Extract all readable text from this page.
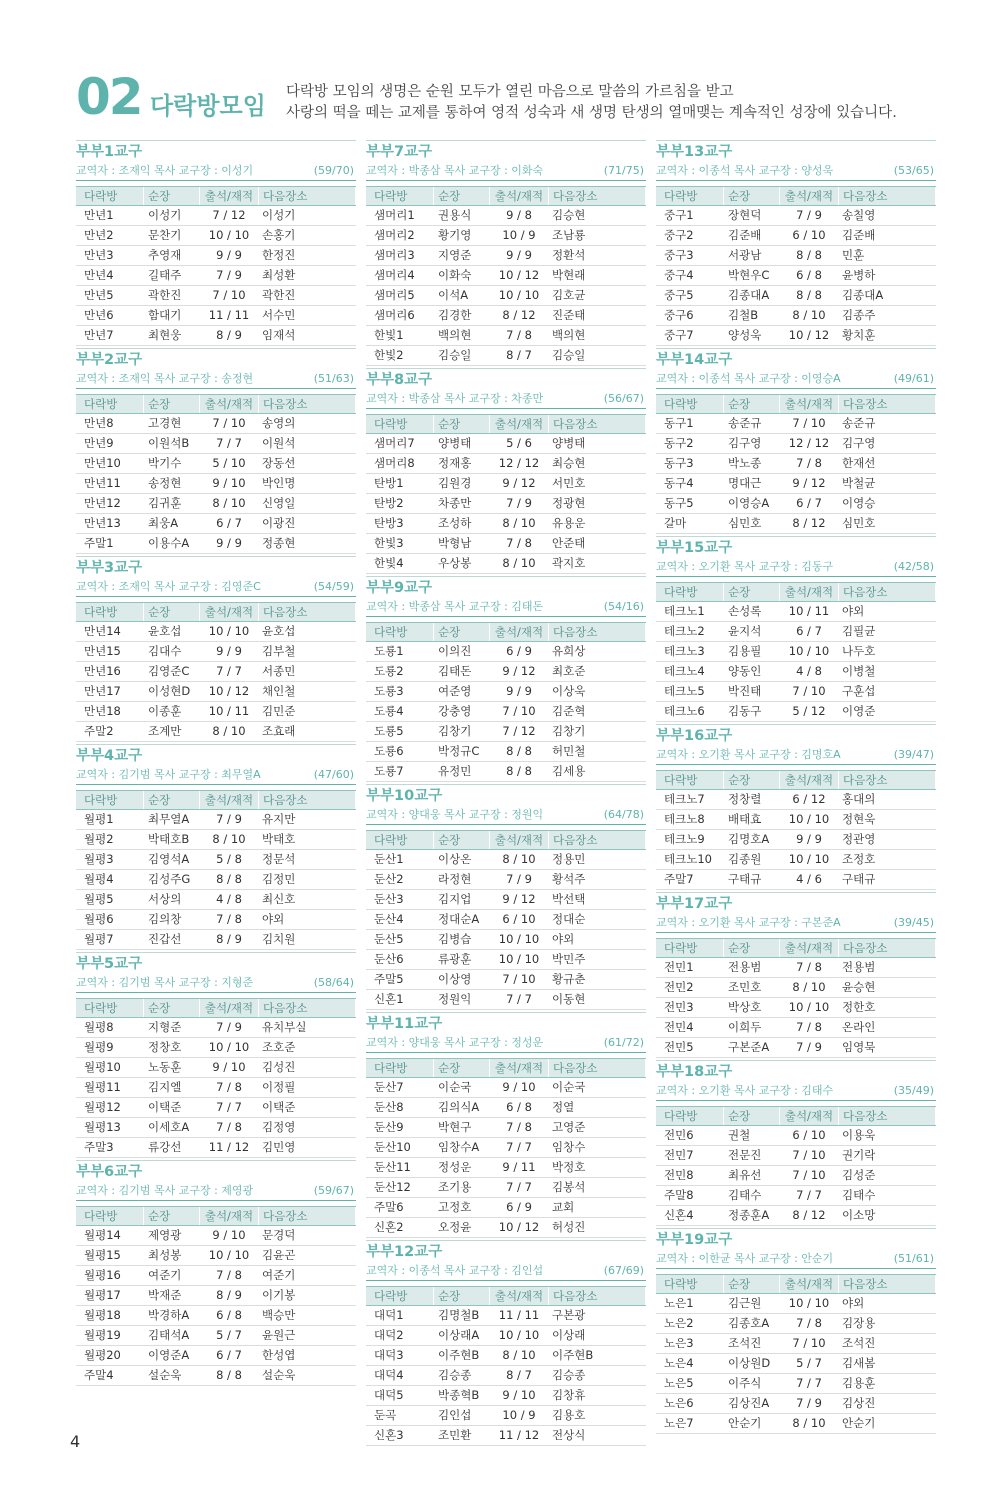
02 다락방모임 다락방 모임의 생명은 순원 모두가 열린 마음으로 말씀의 가르침을 받고
사랑의 떡을 떼는 교제를 통하여 영적 성숙과 새 생명 탄생의 열매맺는 계속적인 성장에 있습니다.
부부1교구
교역자 : 조재익 목사 교구장 : 이성기	(59/70)
다락방	순장	출석/재적 다음장소
만년1	이성기	7 / 12	이성기
만년2	문찬기	10 / 10	손홍기
만년3	추영재	9 / 9	한정진
만년4	길태주	7 / 9	최성환
만년5	곽한진	7 / 10	곽한진
만년6	함대기	11 / 11	서수민
만년7	최현웅	8 / 9	임재석
부부2교구
교역자 : 조재익 목사 교구장 : 송정현	(51/63)
다락방	순장	출석/재적 다음장소
만년8	고경현	7 / 10	송영의
만년9	이원석B	7 / 7	이원석
만년10	박기수	5 / 10	장동선
만년11	송정현	9 / 10	박인명
만년12	김귀훈	8 / 10	신영일
만년13	최웅A	6 / 7	이광진
주말1	이용수A	9 / 9	정종현
부부3교구
교역자 : 조재익 목사 교구장 : 김영준C	(54/59)
다락방	순장	출석/재적 다음장소
만년14	윤호섭	10 / 10	윤호섭
만년15	김대수	9 / 9	김부철
만년16	김영준C	7 / 7	서종민
만년17	이성현D	10 / 12	채인철
만년18	이종훈	10 / 11	김민준
주말2	조계만	8 / 10	조효래
부부4교구
교역자 : 김기범 목사 교구장 : 최무열A	(47/60)
다락방	순장	출석/재적 다음장소
월평1	최무열A	7 / 9	유지만
월평2	박태호B	8 / 10	박태호
월평3	김영석A	5 / 8	정문석
월평4	김성주G	8 / 8	김정민
월평5	서상의	4 / 8	최신호
월평6	김의창	7 / 8	야외
월평7	진갑선	8 / 9	김치원
부부5교구
교역자 : 김기범 목사 교구장 : 지형준	(58/64)
다락방	순장	출석/재적 다음장소
월평8	지형준	7 / 9	유치부실
월평9	정창호	10 / 10	조호준
월평10	노동훈	9 / 10	김성진
월평11	김지엘	7 / 8	이정필
월평12	이택준	7 / 7	이택준
월평13	이세호A	7 / 8	김정영
주말3	류강선	11 / 12	김민영
부부6교구
교역자 : 김기범 목사 교구장 : 제영광	(59/67)
다락방	순장	출석/재적 다음장소
월평14	제영광	9 / 10	문경덕
월평15	최성봉	10 / 10	김윤곤
월평16	여준기	7 / 8	여준기
월평17	박재준	8 / 9	이기봉
월평18	박경하A	6 / 8	백승만
월평19	김태석A	5 / 7	윤원근
월평20	이영준A	6 / 7	한성엽
주말4	설순욱	8 / 8	설순욱
부부7교구
교역자 : 박종삼 목사 교구장 : 이화숙	(71/75)
다락방	순장	출석/재적 다음장소
샘머리1	권용식	9 / 8	김승현
샘머리2	황기영	10 / 9	조남룡
샘머리3	지영준	9 / 9	정환석
샘머리4	이화숙	10 / 12	박현래
샘머리5	이석A	10 / 10	김호균
샘머리6	김경한	8 / 12	진준태
한빛1	백의현	7 / 8	백의현
한빛2	김승일	8 / 7	김승일
부부8교구
교역자 : 박종삼 목사 교구장 : 차종만	(56/67)
다락방	순장	출석/재적 다음장소
샘머리7	양병태	5 / 6	양병태
샘머리8	정재홍	12 / 12	최승현
탄방1	김원경	9 / 12	서민호
탄방2	차종만	7 / 9	정광현
탄방3	조성하	8 / 10	유용운
한빛3	박형남	7 / 8	안준태
한빛4	우상봉	8 / 10	곽지호
부부9교구
교역자 : 박종삼 목사 교구장 : 김태돈	(54/16)
다락방	순장	출석/재적 다음장소
도룡1	이의진	6 / 9	유희상
도룡2	김태돈	9 / 12	최호준
도룡3	여준영	9 / 9	이상욱
도룡4	강충영	7 / 10	김준혁
도룡5	김창기	7 / 12	김창기
도룡6	박정규C	8 / 8	허민철
도룡7	유정민	8 / 8	김세용
부부10교구
교역자 : 양대웅 목사 교구장 : 정원익	(64/78)
다락방	순장	출석/재적 다음장소
둔산1	이상온	8 / 10	정용민
둔산2	라정현	7 / 9	황석주
둔산3	김지업	9 / 12	박선택
둔산4	정대순A	6 / 10	정대순
둔산5	김병습	10 / 10	야외
둔산6	류광훈	10 / 10	박민주
주말5	이상영	7 / 10	황규춘
신혼1	정원익	7 / 7	이동현
부부11교구
교역자 : 양대웅 목사 교구장 : 정성운	(61/72)
다락방	순장	출석/재적 다음장소
둔산7	이순국	9 / 10	이순국
둔산8	김의식A	6 / 8	정열
둔산9	박현구	7 / 8	고영준
둔산10	임창수A	7 / 7	임창수
둔산11	정성운	9 / 11	박정호
둔산12	조기용	7 / 7	김봉석
주말6	고정호	6 / 9	교회
신혼2	오정윤	10 / 12	허성진
부부12교구
교역자 : 이종석 목사 교구장 : 김인섭	(67/69)
다락방	순장	출석/재적 다음장소
대덕1	김명철B	11 / 11	구본광
대덕2	이상래A	10 / 10	이상래
대덕3	이주현B	8 / 10	이주현B
대덕4	김승종	8 / 7	김승종
대덕5	박종혁B	9 / 10	김창휴
둔곡	김인섭	10 / 9	김용호
신혼3	조민환	11 / 12	전상식
부부13교구
교역자 : 이종석 목사 교구장 : 양성욱	(53/65)
다락방	순장	출석/재적 다음장소
중구1	장현덕	7 / 9	송칠영
중구2	김준배	6 / 10	김준배
중구3	서광남	8 / 8	민훈
중구4	박현우C	6 / 8	윤병하
중구5	김종대A	8 / 8	김종대A
중구6	김철B	8 / 10	김종주
중구7	양성욱	10 / 12	황치훈
부부14교구
교역자 : 이종석 목사 교구장 : 이영승A	(49/61)
다락방	순장	출석/재적 다음장소
동구1	송준규	7 / 10	송준규
동구2	김구영	12 / 12	김구영
동구3	박노종	7 / 8	한재선
동구4	명대근	9 / 12	박철균
동구5	이영승A	6 / 7	이영승
갈마	심민호	8 / 12	심민호
부부15교구
교역자 : 오기환 목사 교구장 : 김동구	(42/58)
다락방	순장	출석/재적 다음장소
테크노1	손성록	10 / 11	야외
테크노2	윤지석	6 / 7	김필균
테크노3	김용필	10 / 10	나두호
테크노4	양동인	4 / 8	이병철
테크노5	박진태	7 / 10	구훈섭
테크노6	김동구	5 / 12	이영준
부부16교구
교역자 : 오기환 목사 교구장 : 김명호A	(39/47)
다락방	순장	출석/재적 다음장소
테크노7	정창렬	6 / 12	홍대의
테크노8	배태효	10 / 10	정현욱
테크노9	김명호A	9 / 9	정관영
테크노10	김종원	10 / 10	조정호
주말7	구태규	4 / 6	구태규
부부17교구
교역자 : 오기환 목사 교구장 : 구본준A	(39/45)
다락방	순장	출석/재적 다음장소
전민1	전용범	7 / 8	전용범
전민2	조민호	8 / 10	윤승현
전민3	박상호	10 / 10	정한호
전민4	이희두	7 / 8	온라인
전민5	구본준A	7 / 9	임영묵
부부18교구
교역자 : 오기환 목사 교구장 : 김태수	(35/49)
다락방	순장	출석/재적 다음장소
전민6	권철	6 / 10	이용욱
전민7	전문진	7 / 10	권기락
전민8	최유선	7 / 10	김성준
주말8	김태수	7 / 7	김태수
신혼4	정종훈A	8 / 12	이소망
부부19교구
교역자 : 이한균 목사 교구장 : 안순기	(51/61)
다락방	순장	출석/재적 다음장소
노은1	김근원	10 / 10	야외
노은2	김종호A	7 / 8	김장용
노은3	조석진	7 / 10	조석진
노은4	이상원D	5 / 7	김새봄
노은5	이주식	7 / 7	김용훈
노은6	김상진A	7 / 9	김상진
노은7	안순기	8 / 10	안순기
4
